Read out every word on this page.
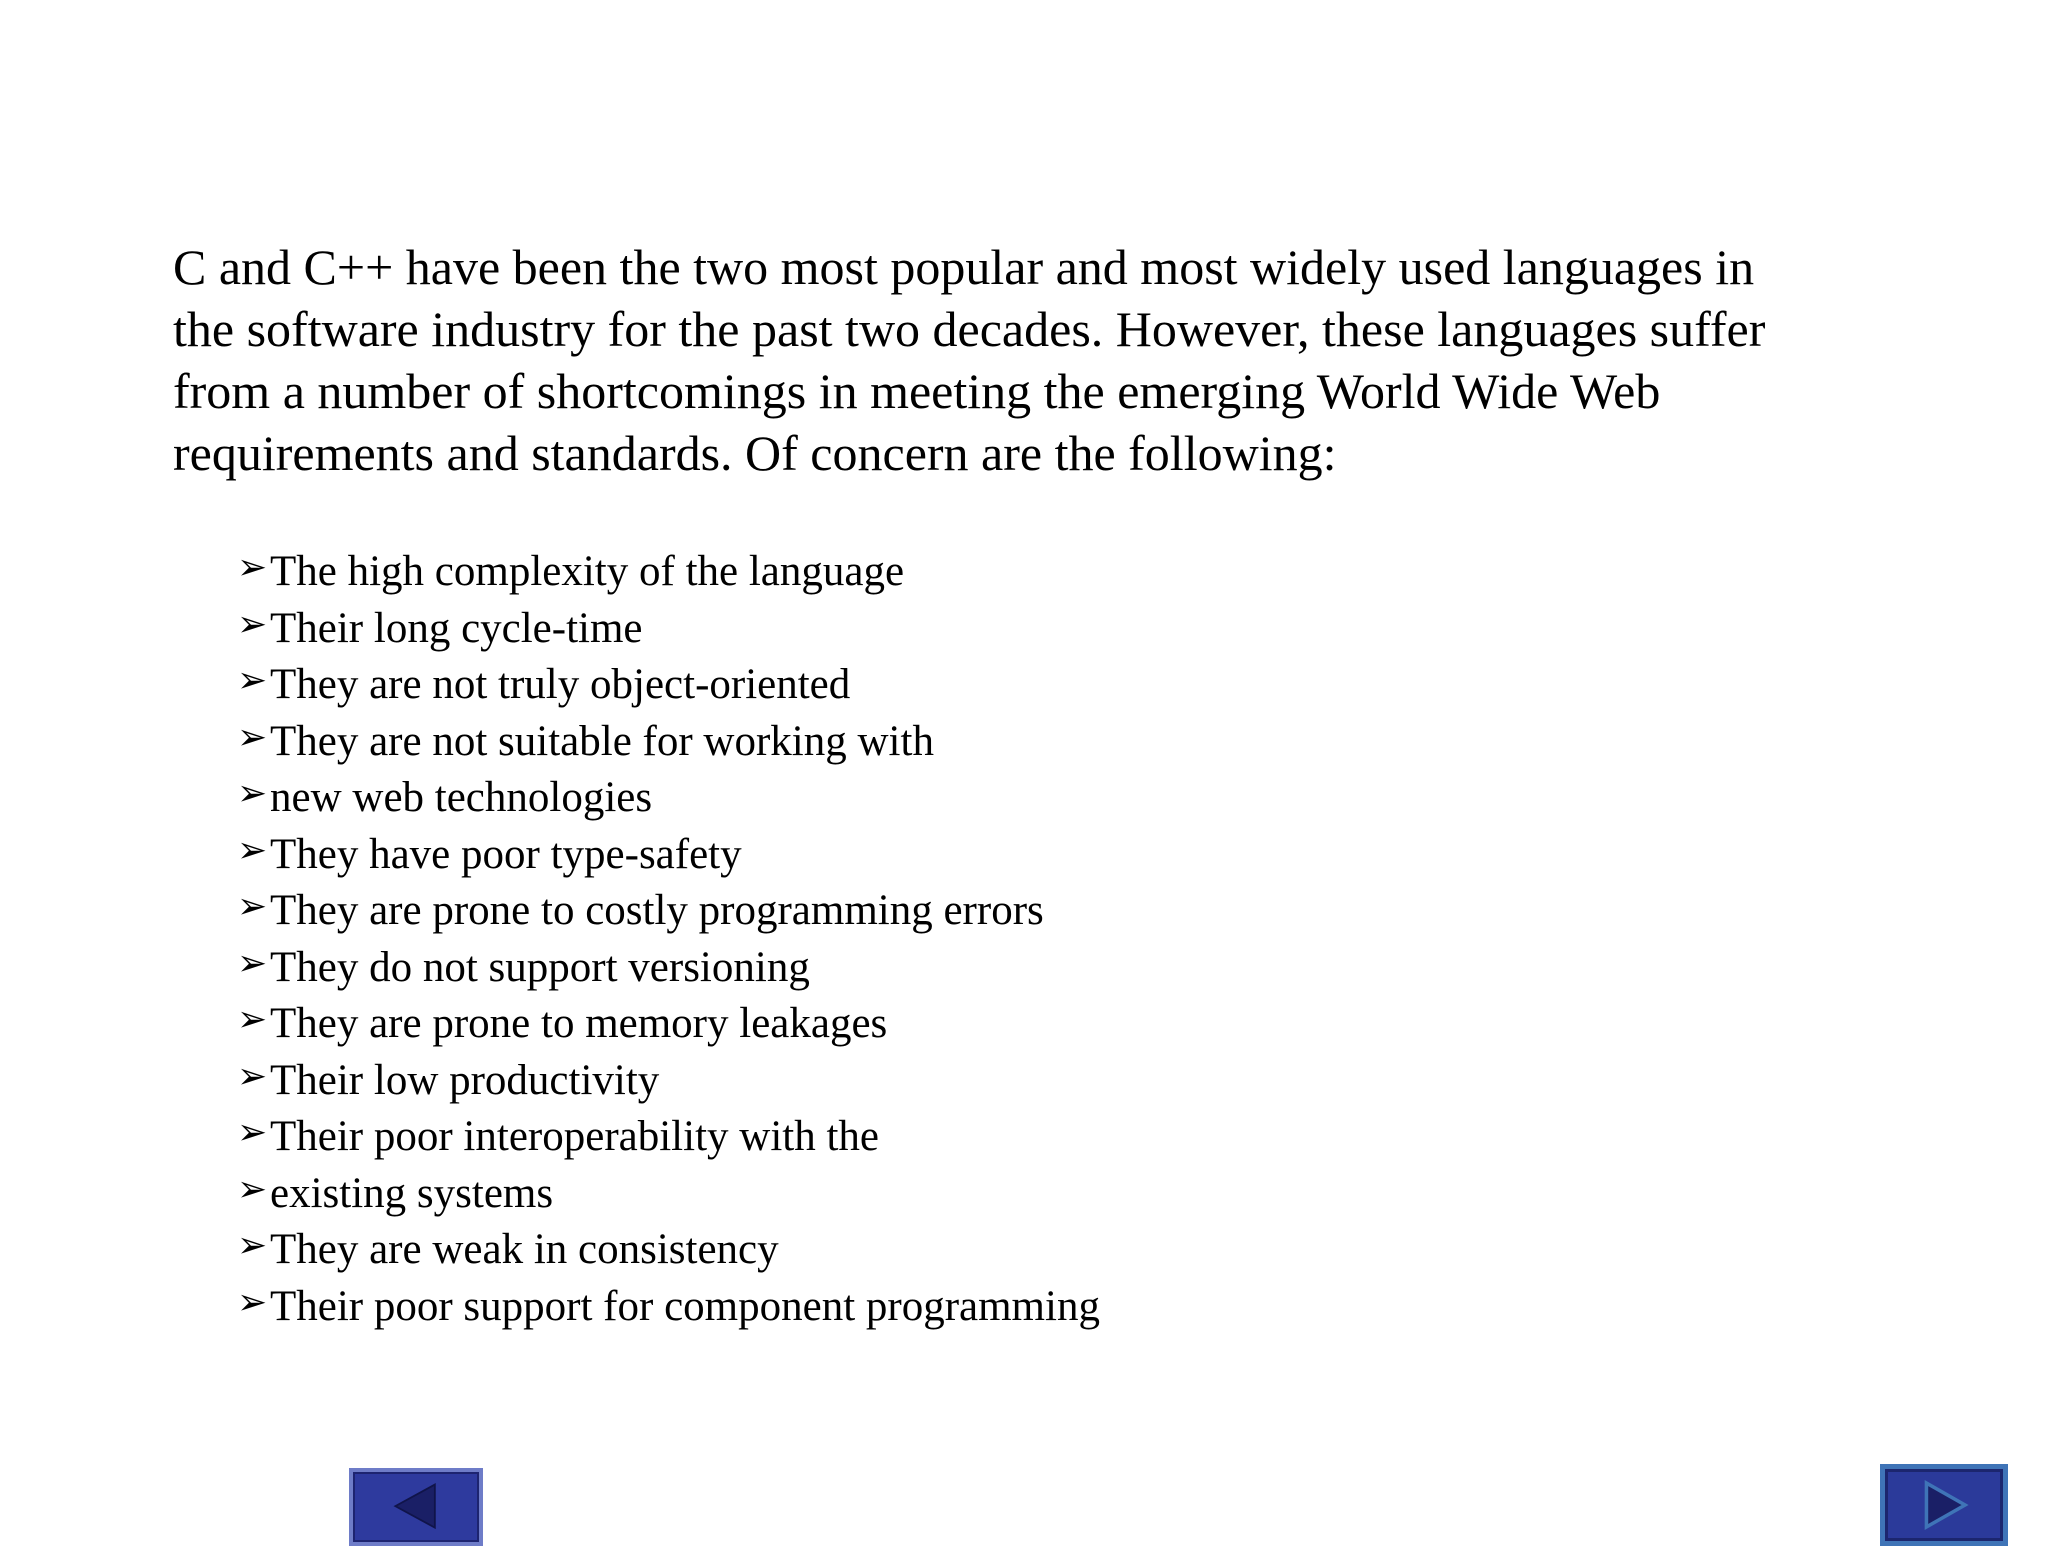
C and C++ have been the two most popular and most widely used languages in
the software industry for the past two decades. However, these languages suffer
from a number of shortcomings in meeting the emerging World Wide Web
requirements and standards. Of concern are the following:

➢ The high complexity of the language
➢ Their long cycle-time
➢ They are not truly object-oriented
➢ They are not suitable for working with
➢ new web technologies
➢ They have poor type-safety
➢ They are prone to costly programming errors
➢ They do not support versioning
➢ They are prone to memory leakages
➢ Their low productivity
➢ Their poor interoperability with the
➢ existing systems
➢ They are weak in consistency
➢ Their poor support for component programming
